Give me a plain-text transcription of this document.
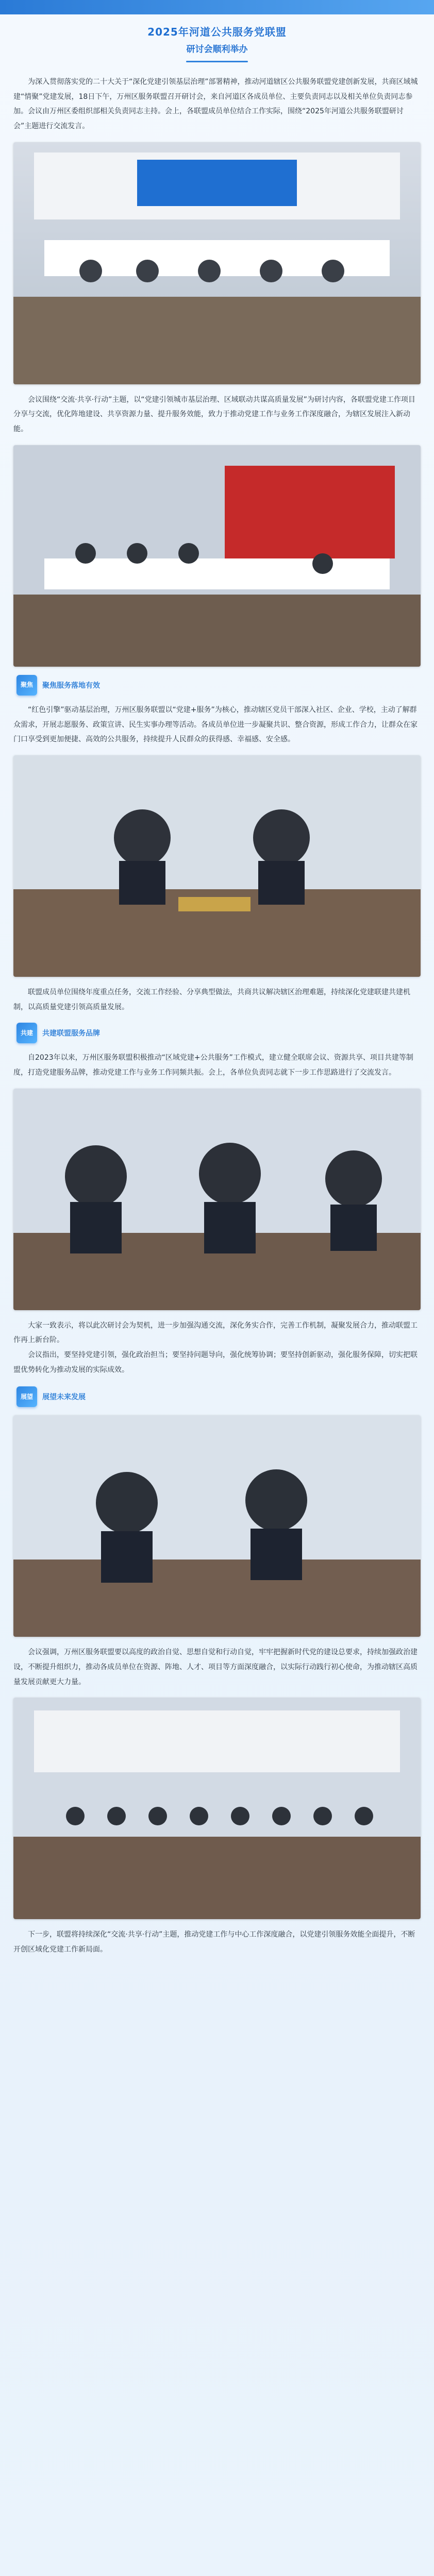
2025年河道公共服务党联盟
研讨会顺利举办

为深入贯彻落实党的二十大关于“深化党建引领基层治理”部署精神，推动河道辖区公共服务联盟党建创新发展，共商区域城建“情聚”党建发展，18日下午，万州区服务联盟召开研讨会，来自河道区各成员单位、主要负责同志以及相关单位负责同志参加。会议由万州区委组织部相关负责同志主持。会上，各联盟成员单位结合工作实际，围绕“2025年河道公共服务联盟研讨会”主题进行交流发言。

会议围绕“交流·共享·行动”主题，以“党建引领城市基层治理、区域联动共谋高质量发展”为研讨内容，各联盟党建工作项目分享与交流，优化阵地建设、共享资源力量、提升服务效能，致力于推动党建工作与业务工作深度融合，为辖区发展注入新动能。

聚焦 聚焦服务落地有效

“红色引擎”驱动基层治理，万州区服务联盟以“党建+服务”为核心，推动辖区党员干部深入社区、企业、学校，主动了解群众需求，开展志愿服务、政策宣讲、民生实事办理等活动。各成员单位进一步凝聚共识、整合资源，形成工作合力，让群众在家门口享受到更加便捷、高效的公共服务，持续提升人民群众的获得感、幸福感、安全感。

联盟成员单位围绕年度重点任务，交流工作经验、分享典型做法，共商共议解决辖区治理难题，持续深化党建联建共建机制，以高质量党建引领高质量发展。

共建 共建联盟服务品牌

自2023年以来，万州区服务联盟积极推动“区域党建+公共服务”工作模式，建立健全联席会议、资源共享、项目共建等制度，打造党建服务品牌，推动党建工作与业务工作同频共振。会上，各单位负责同志就下一步工作思路进行了交流发言。

大家一致表示，将以此次研讨会为契机，进一步加强沟通交流，深化务实合作，完善工作机制，凝聚发展合力，推动联盟工作再上新台阶。

会议指出，要坚持党建引领，强化政治担当；要坚持问题导向，强化统筹协调；要坚持创新驱动，强化服务保障，切实把联盟优势转化为推动发展的实际成效。

展望 展望未来发展

会议强调，万州区服务联盟要以高度的政治自觉、思想自觉和行动自觉，牢牢把握新时代党的建设总要求，持续加强政治建设，不断提升组织力，推动各成员单位在资源、阵地、人才、项目等方面深度融合，以实际行动践行初心使命，为推动辖区高质量发展贡献更大力量。

下一步，联盟将持续深化“交流·共享·行动”主题，推动党建工作与中心工作深度融合，以党建引领服务效能全面提升，不断开创区域化党建工作新局面。
